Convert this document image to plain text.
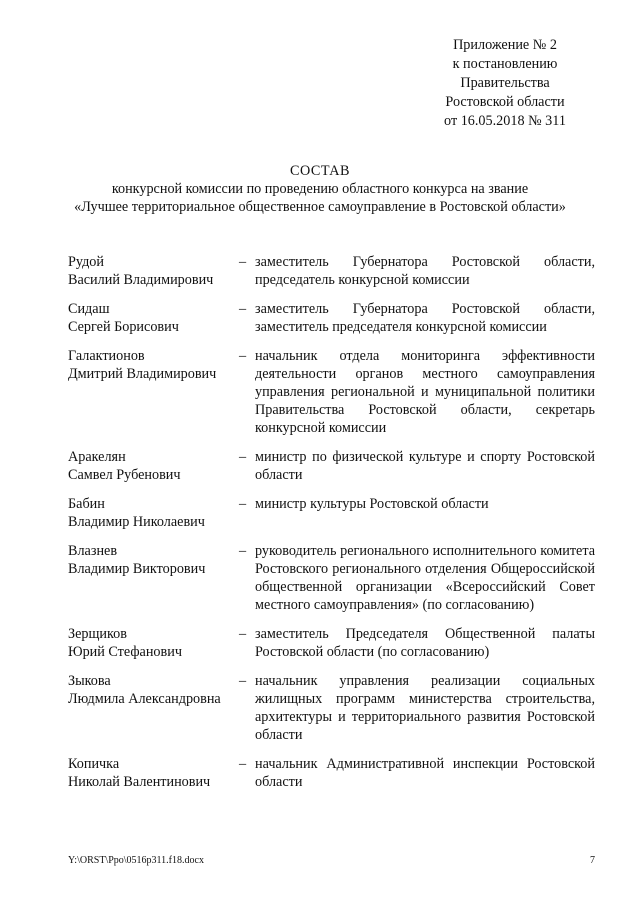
Приложение № 2
к постановлению
Правительства
Ростовской области
от 16.05.2018 № 311
СОСТАВ
конкурсной комиссии по проведению областного конкурса на звание
«Лучшее территориальное общественное самоуправление в Ростовской области»
Рудой
Василий Владимирович
– заместитель Губернатора Ростовской области, председатель конкурсной комиссии
Сидаш
Сергей Борисович
– заместитель Губернатора Ростовской области, заместитель председателя конкурсной комиссии
Галактионов
Дмитрий Владимирович
– начальник отдела мониторинга эффективности деятельности органов местного самоуправления управления региональной и муниципальной политики Правительства Ростовской области, секретарь конкурсной комиссии
Аракелян
Самвел Рубенович
– министр по физической культуре и спорту Ростовской области
Бабин
Владимир Николаевич
– министр культуры Ростовской области
Влазнев
Владимир Викторович
– руководитель регионального исполнительного комитета Ростовского регионального отделения Общероссийской общественной организации «Всероссийский Совет местного самоуправления» (по согласованию)
Зерщиков
Юрий Стефанович
– заместитель Председателя Общественной палаты Ростовской области (по согласованию)
Зыкова
Людмила Александровна
– начальник управления реализации социальных жилищных программ министерства строительства, архитектуры и территориального развития Ростовской области
Копичка
Николай Валентинович
– начальник Административной инспекции Ростовской области
Y:\ORST\Ppo\0516p311.f18.docx	7
